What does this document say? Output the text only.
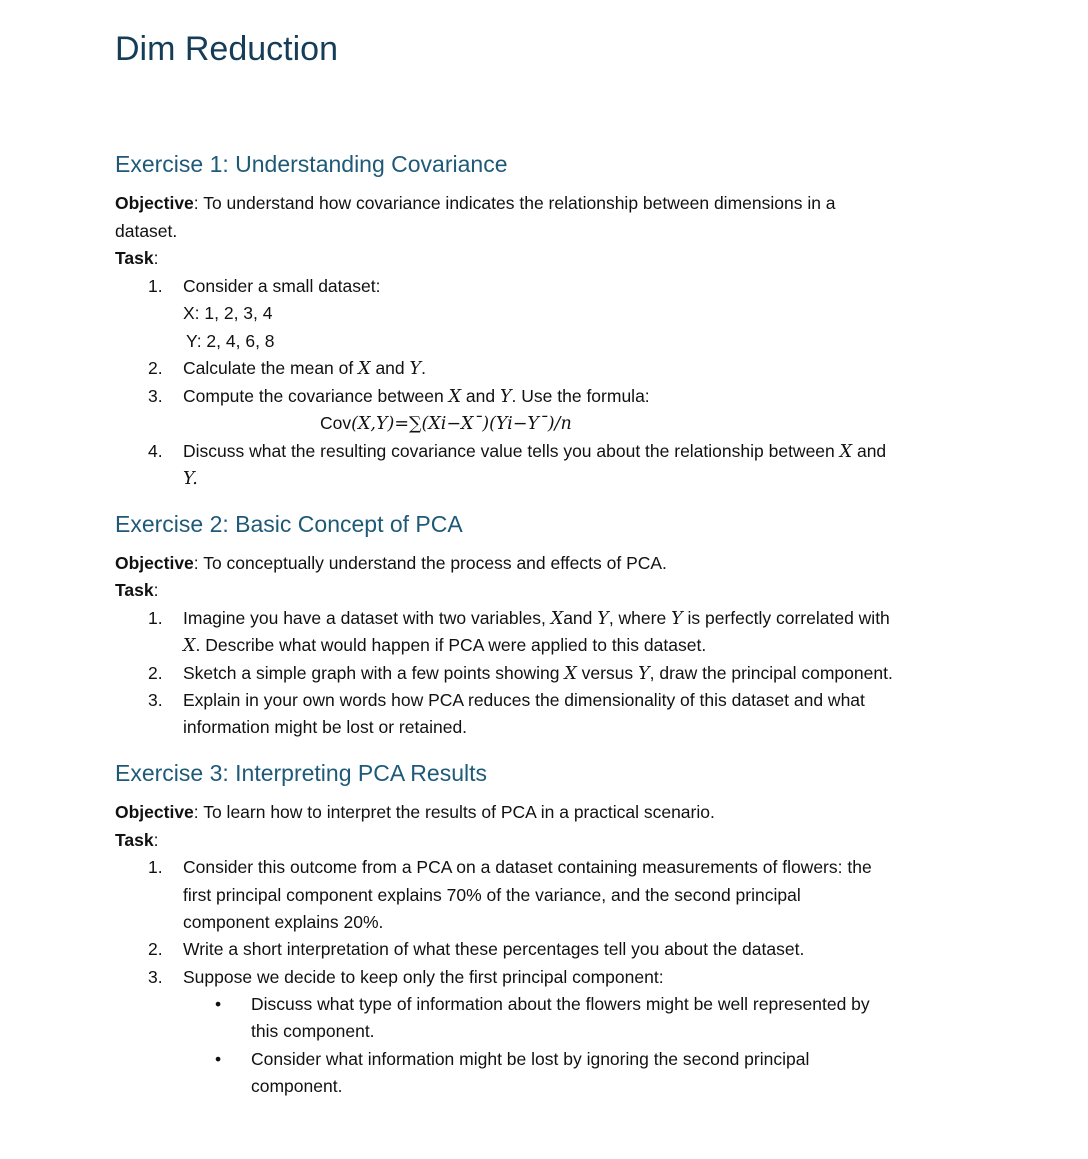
Dim Reduction
Exercise 1: Understanding Covariance

Objective: To understand how covariance indicates the relationship between dimensions in a

dataset.

Task:

1. Consider a small dataset:
X: 1, 2, 3, 4
Y: 2, 4, 6, 8
2. Calculate the mean of X and Y.
3. Compute the covariance between X and Y. Use the formula:
Cov(X,Y)=∑(Xi−X¯)(Yi−Y¯)/n
4. Discuss what the resulting covariance value tells you about the relationship between X and
Y.
Exercise 2: Basic Concept of PCA

Objective: To conceptually understand the process and effects of PCA.

Task:

1. Imagine you have a dataset with two variables, Xand Y, where Y is perfectly correlated with
X. Describe what would happen if PCA were applied to this dataset.
2. Sketch a simple graph with a few points showing X versus Y, draw the principal component.
3. Explain in your own words how PCA reduces the dimensionality of this dataset and what
information might be lost or retained.
Exercise 3: Interpreting PCA Results

Objective: To learn how to interpret the results of PCA in a practical scenario.

Task:

1. Consider this outcome from a PCA on a dataset containing measurements of flowers: the
first principal component explains 70% of the variance, and the second principal
component explains 20%.
2. Write a short interpretation of what these percentages tell you about the dataset.
3. Suppose we decide to keep only the first principal component:
• Discuss what type of information about the flowers might be well represented by
this component.
• Consider what information might be lost by ignoring the second principal
component.
